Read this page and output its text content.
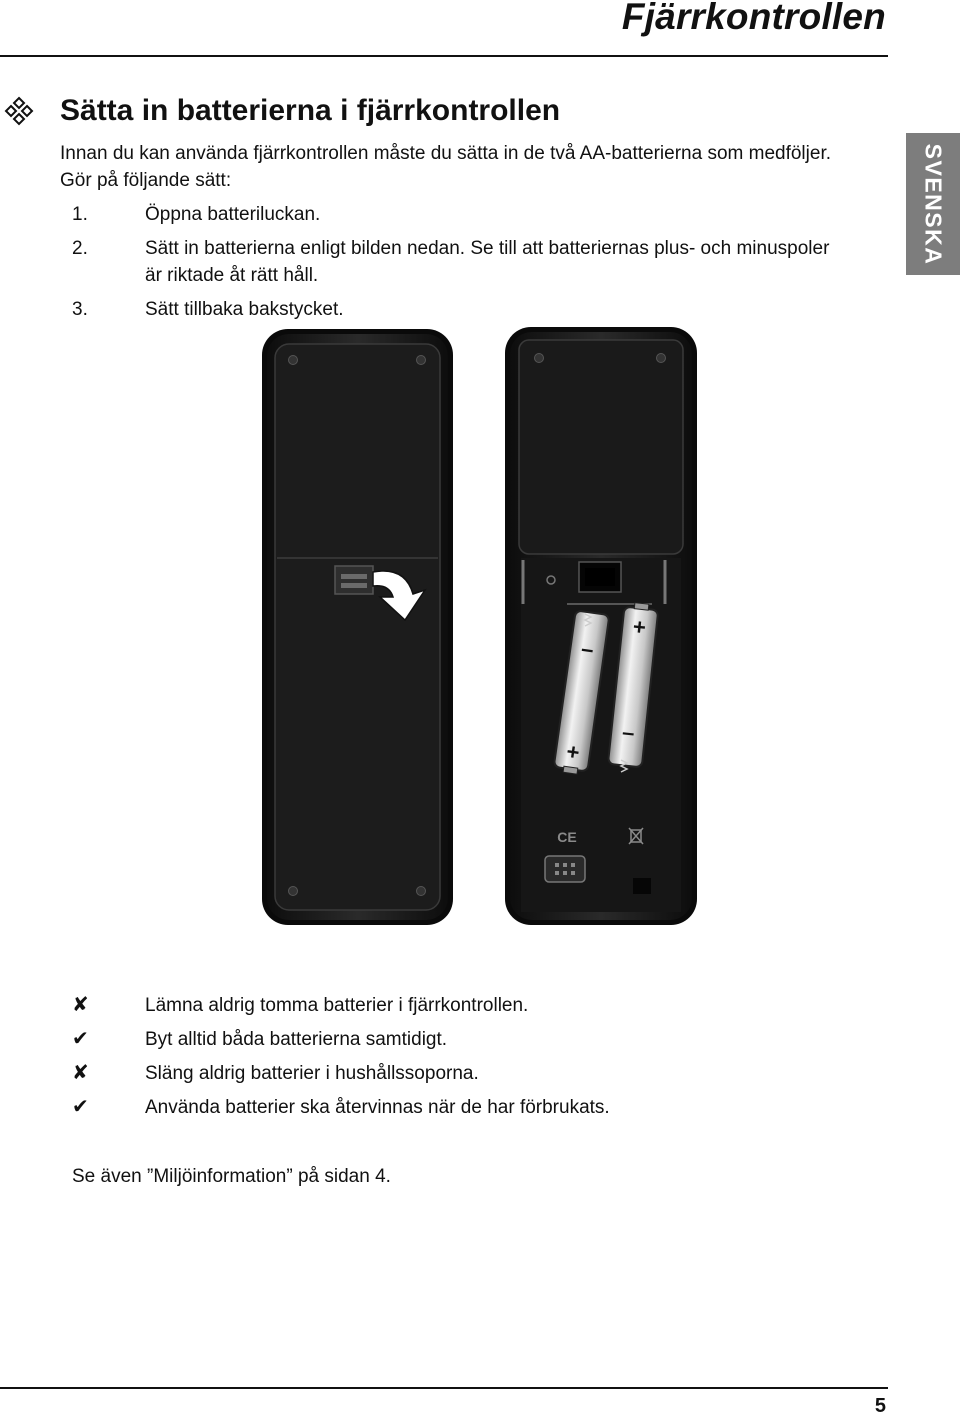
Fjärrkontrollen
SVENSKA
Sätta in batterierna i fjärrkontrollen

Innan du kan använda fjärrkontrollen måste du sätta in de två AA-batterierna som medföljer. Gör på följande sätt:

1.	Öppna batteriluckan.
2.	Sätt in batterierna enligt bilden nedan. Se till att batteriernas plus- och minuspoler är riktade åt rätt håll.
3.	Sätt tillbaka bakstycket.
–
+
+
–
CE
✘	Lämna aldrig tomma batterier i fjärrkontrollen.
✔	Byt alltid båda batterierna samtidigt.
✘	Släng aldrig batterier i hushållssoporna.
✔	Använda batterier ska återvinnas när de har förbrukats.

Se även ”Miljöinformation” på sidan 4.

5
